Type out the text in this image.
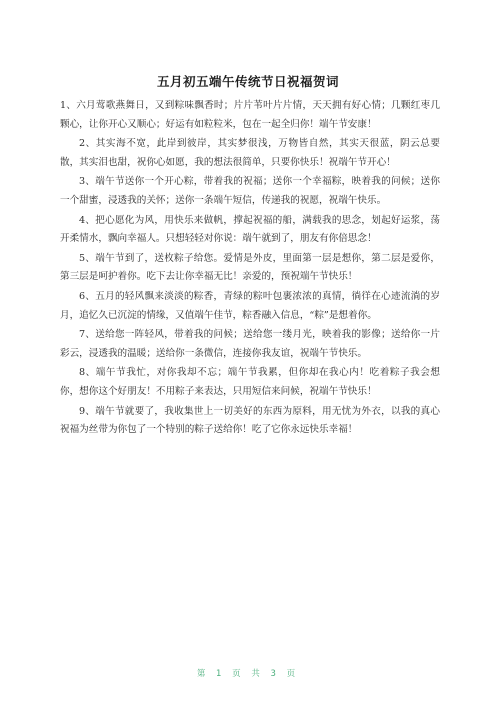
五月初五端午传统节日祝福贺词

1、六月莺歌燕舞日，又到粽味飘香时；片片苇叶片片情，天天拥有好心情；几颗红枣几颗心，让你开心又顺心；好运有如粒粒米，包在一起全归你！端午节安康！

2、其实海不宽，此岸到彼岸，其实梦很浅，万物皆自然，其实天很蓝，阴云总要散，其实泪也甜，祝你心如愿，我的想法很简单，只要你快乐！祝端午节开心！

3、端午节送你一个开心粽，带着我的祝福；送你一个幸福粽，映着我的问候；送你一个甜蜜，浸透我的关怀；送你一条端午短信，传递我的祝愿，祝端午快乐。

4、把心愿化为风，用快乐来做帆，撑起祝福的船，满载我的思念，划起好运浆，荡开柔情水，飘向幸福人。只想轻轻对你说：端午就到了，朋友有你倍思念！

5、端午节到了，送枚粽子给您。爱情是外皮，里面第一层是想你，第二层是爱你，第三层是呵护着你。吃下去让你幸福无比！亲爱的，预祝端午节快乐！

6、五月的轻风飘来淡淡的粽香，青绿的粽叶包裹浓浓的真情，徜徉在心迹流淌的岁月，追忆久已沉淀的情缘，又值端午佳节，粽香融入信息，“粽”是想着你。

7、送给您一阵轻风，带着我的问候；送给您一缕月光，映着我的影像；送给你一片彩云，浸透我的温暖；送给你一条微信，连接你我友谊，祝端午节快乐。

8、端午节我忙，对你我却不忘；端午节我累，但你却在我心内！吃着粽子我会想你，想你这个好朋友！不用粽子来表达，只用短信来问候，祝端午节快乐！

9、端午节就要了，我收集世上一切美好的东西为原料，用无忧为外衣，以我的真心祝福为丝带为你包了一个特别的粽子送给你！吃了它你永远快乐幸福！

第 1 页 共 3 页
